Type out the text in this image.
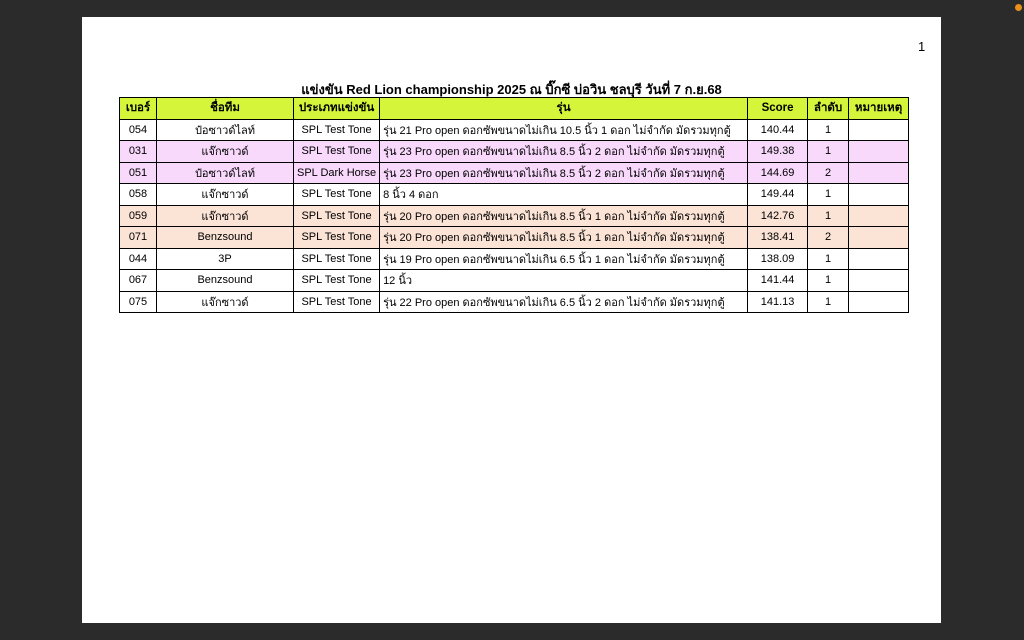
1
แข่งขัน Red Lion championship 2025 ณ บิ๊กซี บ่อวิน ชลบุรี วันที่ 7 ก.ย.68
เบอร์	ชื่อทีม	ประเภทแข่งขัน	รุ่น	Score	ลำดับ	หมายเหตุ
054	ป๋อซาวด์ไลท์	SPL Test Tone	รุ่น 21 Pro open ดอกซัพขนาดไม่เกิน 10.5 นิ้ว 1 ดอก ไม่จำกัด มัดรวมทุกตู้	140.44	1	
031	แจ๊กซาวด์	SPL Test Tone	รุ่น 23 Pro open ดอกซัพขนาดไม่เกิน 8.5 นิ้ว 2 ดอก ไม่จำกัด มัดรวมทุกตู้	149.38	1	
051	ป๋อซาวด์ไลท์	SPL Dark Horse	รุ่น 23 Pro open ดอกซัพขนาดไม่เกิน 8.5 นิ้ว 2 ดอก ไม่จำกัด มัดรวมทุกตู้	144.69	2	
058	แจ๊กซาวด์	SPL Test Tone	8 นิ้ว 4 ดอก	149.44	1	
059	แจ๊กซาวด์	SPL Test Tone	รุ่น 20 Pro open ดอกซัพขนาดไม่เกิน 8.5 นิ้ว 1 ดอก ไม่จำกัด มัดรวมทุกตู้	142.76	1	
071	Benzsound	SPL Test Tone	รุ่น 20 Pro open ดอกซัพขนาดไม่เกิน 8.5 นิ้ว 1 ดอก ไม่จำกัด มัดรวมทุกตู้	138.41	2	
044	3P	SPL Test Tone	รุ่น 19 Pro open ดอกซัพขนาดไม่เกิน 6.5 นิ้ว 1 ดอก ไม่จำกัด มัดรวมทุกตู้	138.09	1	
067	Benzsound	SPL Test Tone	12 นิ้ว	141.44	1	
075	แจ๊กซาวด์	SPL Test Tone	รุ่น 22 Pro open ดอกซัพขนาดไม่เกิน 6.5 นิ้ว 2 ดอก ไม่จำกัด มัดรวมทุกตู้	141.13	1	
